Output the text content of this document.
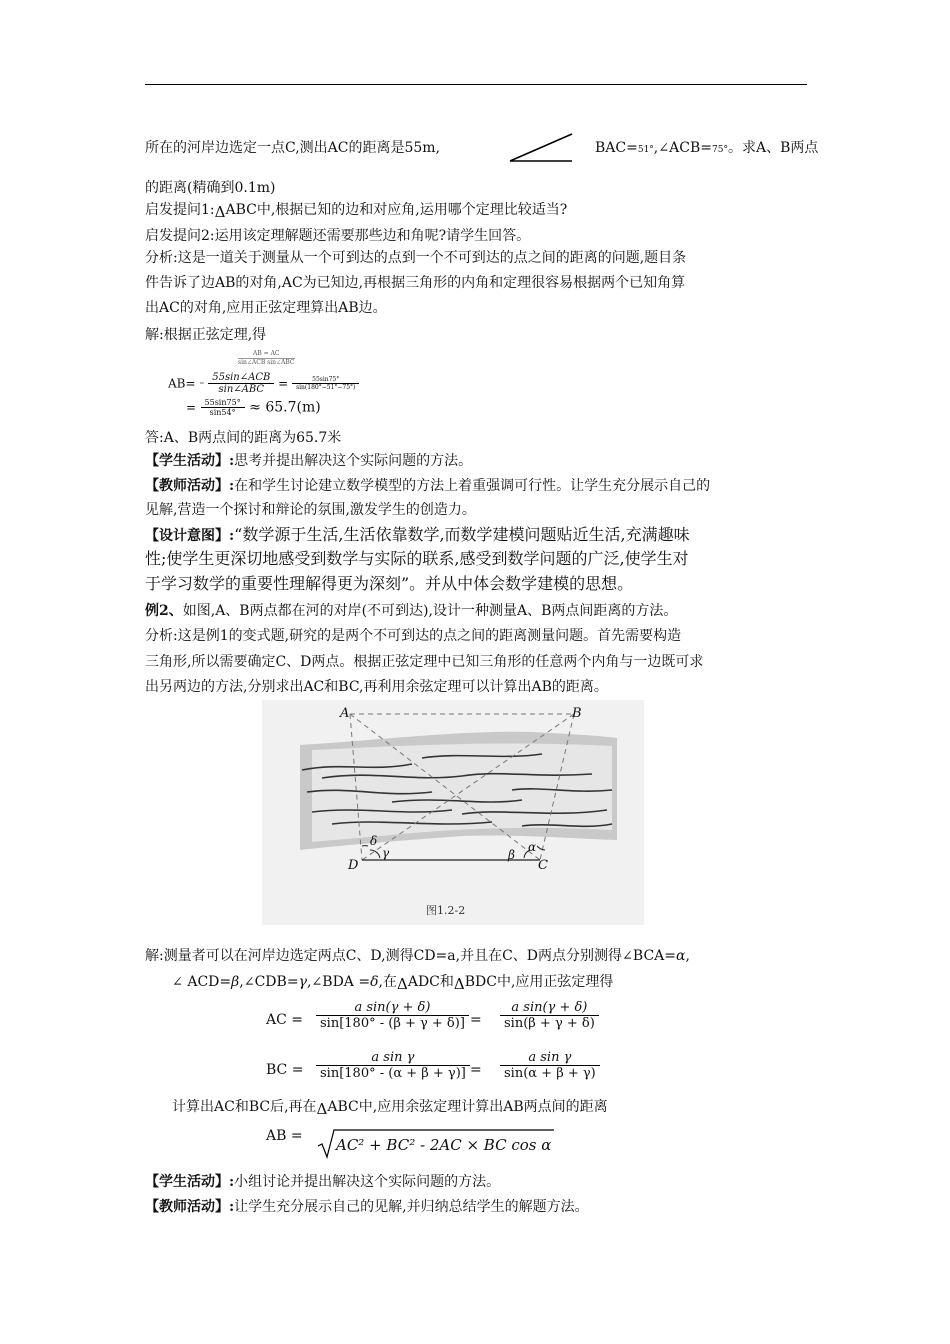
所在的河岸边选定一点C,测出AC的距离是55m,	BAC=51°,∠ACB=75°。求A、B两点
的距离(精确到0.1m)
启发提问1:ΔABC中,根据已知的边和对应角,运用哪个定理比较适当?
启发提问2:运用该定理解题还需要那些边和角呢?请学生回答。
分析:这是一道关于测量从一个可到达的点到一个不可到达的点之间的距离的问题,题目条
件告诉了边AB的对角,AC为已知边,再根据三角形的内角和定理很容易根据两个已知角算
出AC的对角,应用正弦定理算出AB边。
解:根据正弦定理,得
AB = AC
sin∠ACB sin∠ABC
$AB= = \frac{\text{55sin∠ACB}}{\text{sin∠ABC}} = \frac{55\sin 75^\circ}{\sin(180^\circ-51^\circ-75^\circ)}$
= $\frac{55\sin 75^\circ}{\sin 54^\circ} \approx 65.7(m)$
答:A、B两点间的距离为65.7米
【学生活动】:思考并提出解决这个实际问题的方法。
【教师活动】:在和学生讨论建立数学模型的方法上着重强调可行性。让学生充分展示自己的
见解,营造一个探讨和辩论的氛围,激发学生的创造力。
【设计意图】:“数学源于生活,生活依靠数学,而数学建模问题贴近生活,充满趣味
性;使学生更深切地感受到数学与实际的联系,感受到数学问题的广泛,使学生对
于学习数学的重要性理解得更为深刻”。并从中体会数学建模的思想。
例2、如图,A、B两点都在河的对岸(不可到达),设计一种测量A、B两点间距离的方法。
分析:这是例1的变式题,研究的是两个不可到达的点之间的距离测量问题。首先需要构造
三角形,所以需要确定C、D两点。根据正弦定理中已知三角形的任意两个内角与一边既可求
出另两边的方法,分别求出AC和BC,再利用余弦定理可以计算出AB的距离。
A	B
D	C
δ
γ	β
α
图1.2-2
解:测量者可以在河岸边选定两点C、D,测得CD=a,并且在C、D两点分别测得∠BCA=α,
∠ ACD=β,∠CDB=γ,∠BDA =δ,在ΔADC和ΔBDC中,应用正弦定理得
AC = $\frac{\text{a sin(γ + δ)}}{\sin[180^\circ - (\beta + \gamma + \delta)]} = \frac{\text{a sin(γ + δ)}}{\sin(\beta + \gamma + \delta)}$
BC = $\frac{\text{a sin γ}}{\sin[180^\circ - (\alpha + \beta + \gamma)]} = \frac{\text{a sin γ}}{\sin(\alpha + \beta + \gamma)}$
计算出AC和BC后,再在ΔABC中,应用余弦定理计算出AB两点间的距离
AB = AC² + BC² - 2AC × BC cos α
【学生活动】:小组讨论并提出解决这个实际问题的方法。
【教师活动】:让学生充分展示自己的见解,并归纳总结学生的解题方法。
